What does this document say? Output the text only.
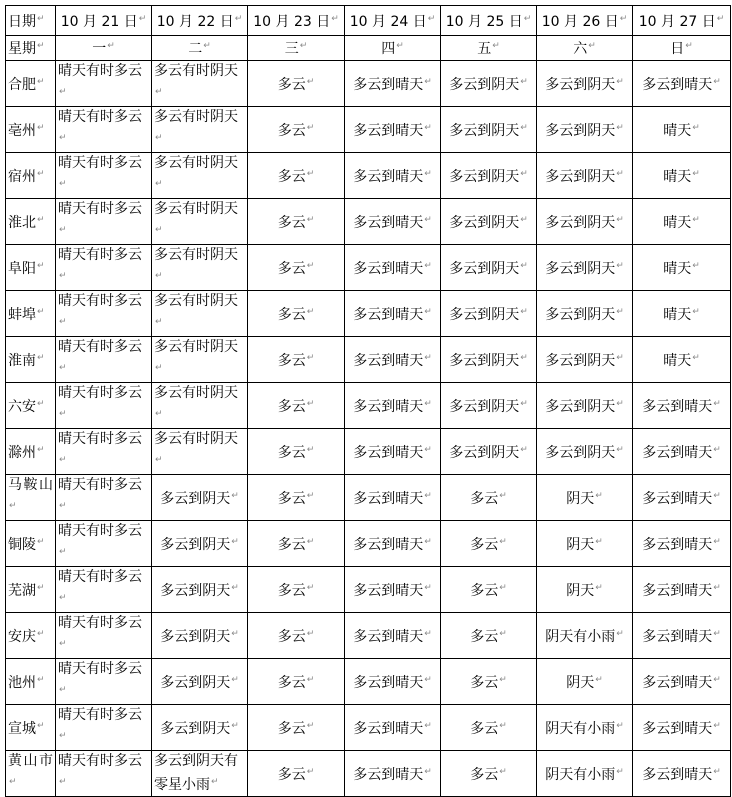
日期 ↵	10 月 21 日 ↵	10 月 22 日 ↵	10 月 23 日 ↵	10 月 24 日 ↵	10 月 25 日 ↵	10 月 26 日 ↵	10 月 27 日 ↵
星期 ↵	一 ↵	二 ↵	三 ↵	四 ↵	五 ↵	六 ↵	日 ↵
合肥 ↵	晴天有时多云 ↵	多云有时阴天 ↵	多云 ↵	多云到晴天 ↵	多云到阴天 ↵	多云到阴天 ↵	多云到晴天 ↵
亳州 ↵	晴天有时多云 ↵	多云有时阴天 ↵	多云 ↵	多云到晴天 ↵	多云到阴天 ↵	多云到阴天 ↵	晴天 ↵
宿州 ↵	晴天有时多云 ↵	多云有时阴天 ↵	多云 ↵	多云到晴天 ↵	多云到阴天 ↵	多云到阴天 ↵	晴天 ↵
淮北 ↵	晴天有时多云 ↵	多云有时阴天 ↵	多云 ↵	多云到晴天 ↵	多云到阴天 ↵	多云到阴天 ↵	晴天 ↵
阜阳 ↵	晴天有时多云 ↵	多云有时阴天 ↵	多云 ↵	多云到晴天 ↵	多云到阴天 ↵	多云到阴天 ↵	晴天 ↵
蚌埠 ↵	晴天有时多云 ↵	多云有时阴天 ↵	多云 ↵	多云到晴天 ↵	多云到阴天 ↵	多云到阴天 ↵	晴天 ↵
淮南 ↵	晴天有时多云 ↵	多云有时阴天 ↵	多云 ↵	多云到晴天 ↵	多云到阴天 ↵	多云到阴天 ↵	晴天 ↵
六安 ↵	晴天有时多云 ↵	多云有时阴天 ↵	多云 ↵	多云到晴天 ↵	多云到阴天 ↵	多云到阴天 ↵	多云到晴天 ↵
滁州 ↵	晴天有时多云 ↵	多云有时阴天 ↵	多云 ↵	多云到晴天 ↵	多云到阴天 ↵	多云到阴天 ↵	多云到晴天 ↵
马鞍山 ↵	晴天有时多云 ↵	多云到阴天 ↵	多云 ↵	多云到晴天 ↵	多云 ↵	阴天 ↵	多云到晴天 ↵
铜陵 ↵	晴天有时多云 ↵	多云到阴天 ↵	多云 ↵	多云到晴天 ↵	多云 ↵	阴天 ↵	多云到晴天 ↵
芜湖 ↵	晴天有时多云 ↵	多云到阴天 ↵	多云 ↵	多云到晴天 ↵	多云 ↵	阴天 ↵	多云到晴天 ↵
安庆 ↵	晴天有时多云 ↵	多云到阴天 ↵	多云 ↵	多云到晴天 ↵	多云 ↵	阴天有小雨 ↵	多云到晴天 ↵
池州 ↵	晴天有时多云 ↵	多云到阴天 ↵	多云 ↵	多云到晴天 ↵	多云 ↵	阴天 ↵	多云到晴天 ↵
宣城 ↵	晴天有时多云 ↵	多云到阴天 ↵	多云 ↵	多云到晴天 ↵	多云 ↵	阴天有小雨 ↵	多云到晴天 ↵
黄山市 ↵	晴天有时多云 ↵	多云到阴天有零星小雨 ↵	多云 ↵	多云到晴天 ↵	多云 ↵	阴天有小雨 ↵	多云到晴天 ↵
